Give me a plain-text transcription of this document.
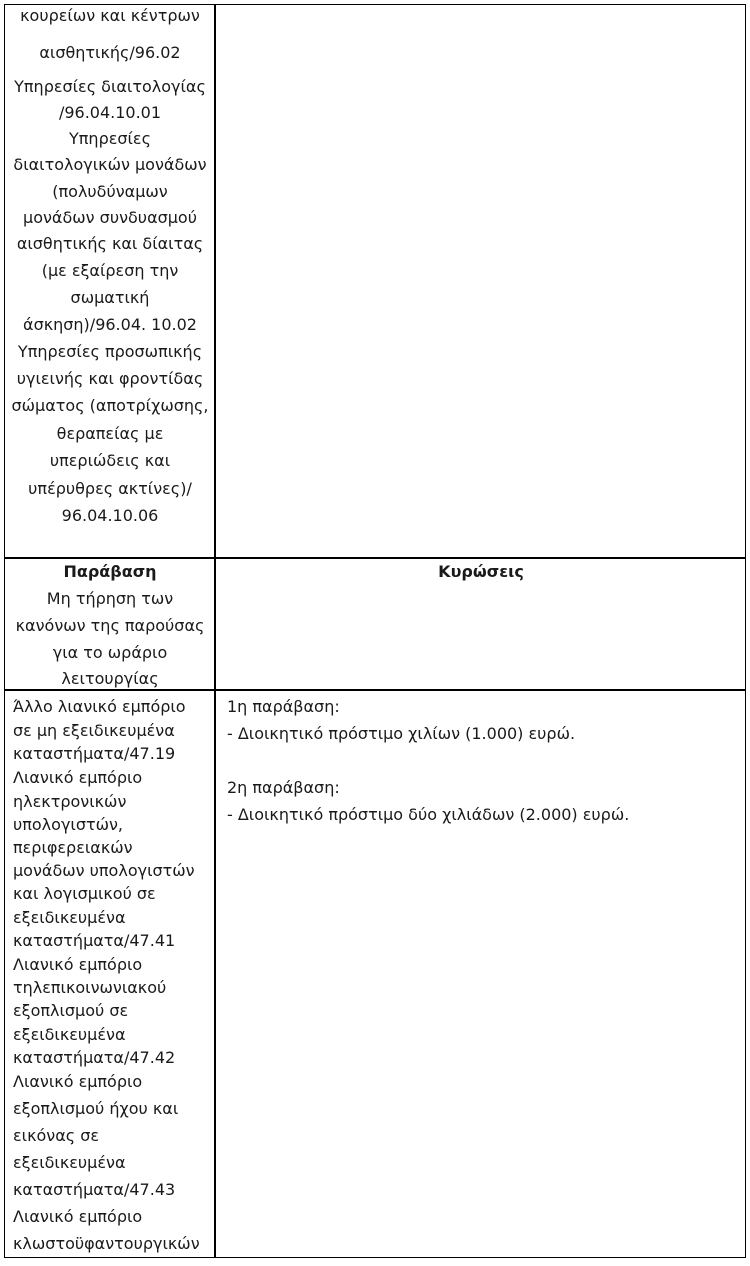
κουρείων και κέντρων
αισθητικής/96.02
Υπηρεσίες διαιτολογίας
/96.04.10.01
Υπηρεσίες
διαιτολογικών μονάδων
(πολυδύναμων
μονάδων συνδυασμού
αισθητικής και δίαιτας
(με εξαίρεση την
σωματική
άσκηση)/96.04. 10.02
Υπηρεσίες προσωπικής
υγιεινής και φροντίδας
σώματος (αποτρίχωσης,
θεραπείας με
υπεριώδεις και
υπέρυθρες ακτίνες)/
96.04.10.06
Παράβαση
Μη τήρηση των
κανόνων της παρούσας
για το ωράριο
λειτουργίας
Κυρώσεις
Άλλο λιανικό εμπόριο
σε μη εξειδικευμένα
καταστήματα/47.19
Λιανικό εμπόριο
ηλεκτρονικών
υπολογιστών,
περιφερειακών
μονάδων υπολογιστών
και λογισμικού σε
εξειδικευμένα
καταστήματα/47.41
Λιανικό εμπόριο
τηλεπικοινωνιακού
εξοπλισμού σε
εξειδικευμένα
καταστήματα/47.42
Λιανικό εμπόριο
εξοπλισμού ήχου και
εικόνας σε
εξειδικευμένα
καταστήματα/47.43
Λιανικό εμπόριο
κλωστοϋφαντουργικών
1η παράβαση:
- Διοικητικό πρόστιμο χιλίων (1.000) ευρώ.
2η παράβαση:
- Διοικητικό πρόστιμο δύο χιλιάδων (2.000) ευρώ.
